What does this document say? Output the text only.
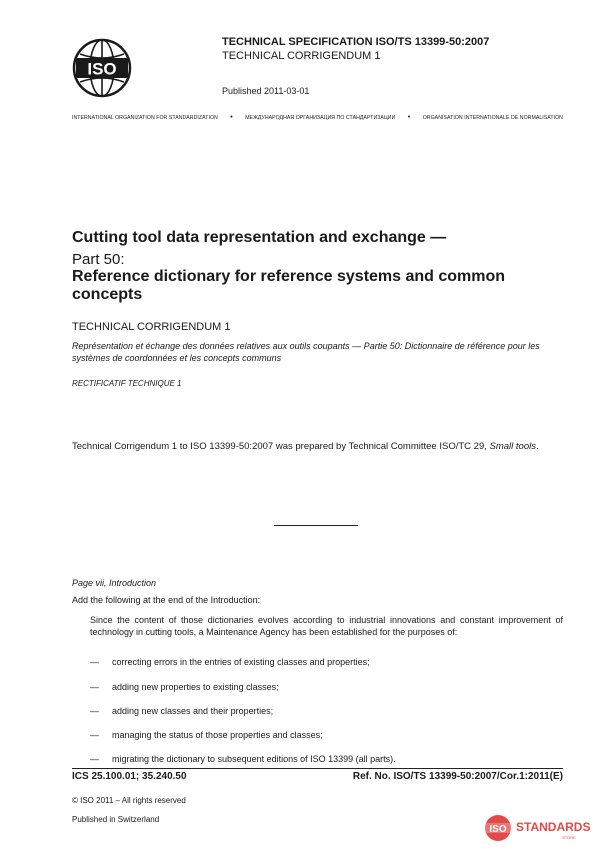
ISO
TECHNICAL SPECIFICATION ISO/TS 13399-50:2007
TECHNICAL CORRIGENDUM 1
Published 2011-03-01
INTERNATIONAL ORGANIZATION FOR STANDARDIZATION • МЕЖДУНАРОДНАЯ ОРГАНИЗАЦИЯ ПО СТАНДАРТИЗАЦИИ • ORGANISATION INTERNATIONALE DE NORMALISATION
Cutting tool data representation and exchange —
Part 50:
Reference dictionary for reference systems and common concepts
TECHNICAL CORRIGENDUM 1
Représentation et échange des données relatives aux outils coupants — Partie 50: Dictionnaire de référence pour les systèmes de coordonnées et les concepts communs
RECTIFICATIF TECHNIQUE 1
Technical Corrigendum 1 to ISO 13399-50:2007 was prepared by Technical Committee ISO/TC 29, Small tools.
Page vii, Introduction
Add the following at the end of the Introduction:
Since the content of those dictionaries evolves according to industrial innovations and constant improvement of technology in cutting tools, a Maintenance Agency has been established for the purposes of:
— correcting errors in the entries of existing classes and properties;
— adding new properties to existing classes;
— adding new classes and their properties;
— managing the status of those properties and classes;
— migrating the dictionary to subsequent editions of ISO 13399 (all parts).
ICS 25.100.01; 35.240.50	Ref. No. ISO/TS 13399-50:2007/Cor.1:2011(E)
© ISO 2011 – All rights reserved
Published in Switzerland
ISO STANDARDS
STORE
